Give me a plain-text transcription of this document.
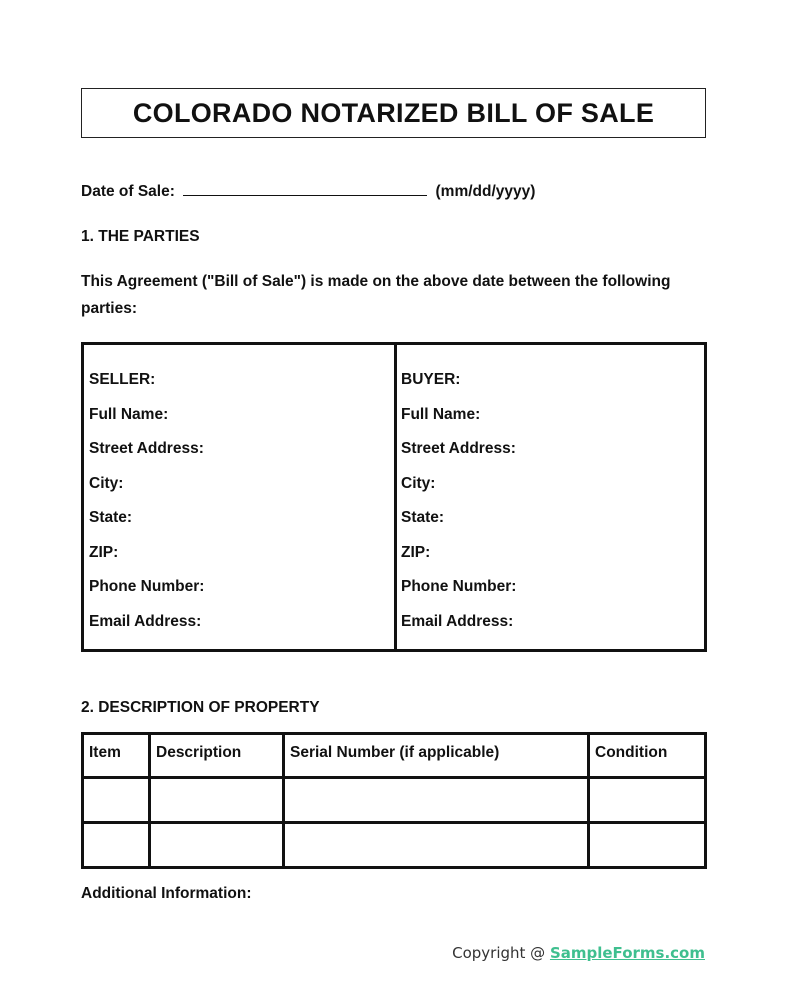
COLORADO NOTARIZED BILL OF SALE
Date of Sale:	(mm/dd/yyyy)
1. THE PARTIES
This Agreement ("Bill of Sale") is made on the above date between the following parties:
SELLER:
Full Name:
Street Address:
City:
State:
ZIP:
Phone Number:
Email Address:
BUYER:
Full Name:
Street Address:
City:
State:
ZIP:
Phone Number:
Email Address:
2. DESCRIPTION OF PROPERTY
Item	Description	Serial Number (if applicable)	Condition

Additional Information:
Copyright @ SampleForms.com
